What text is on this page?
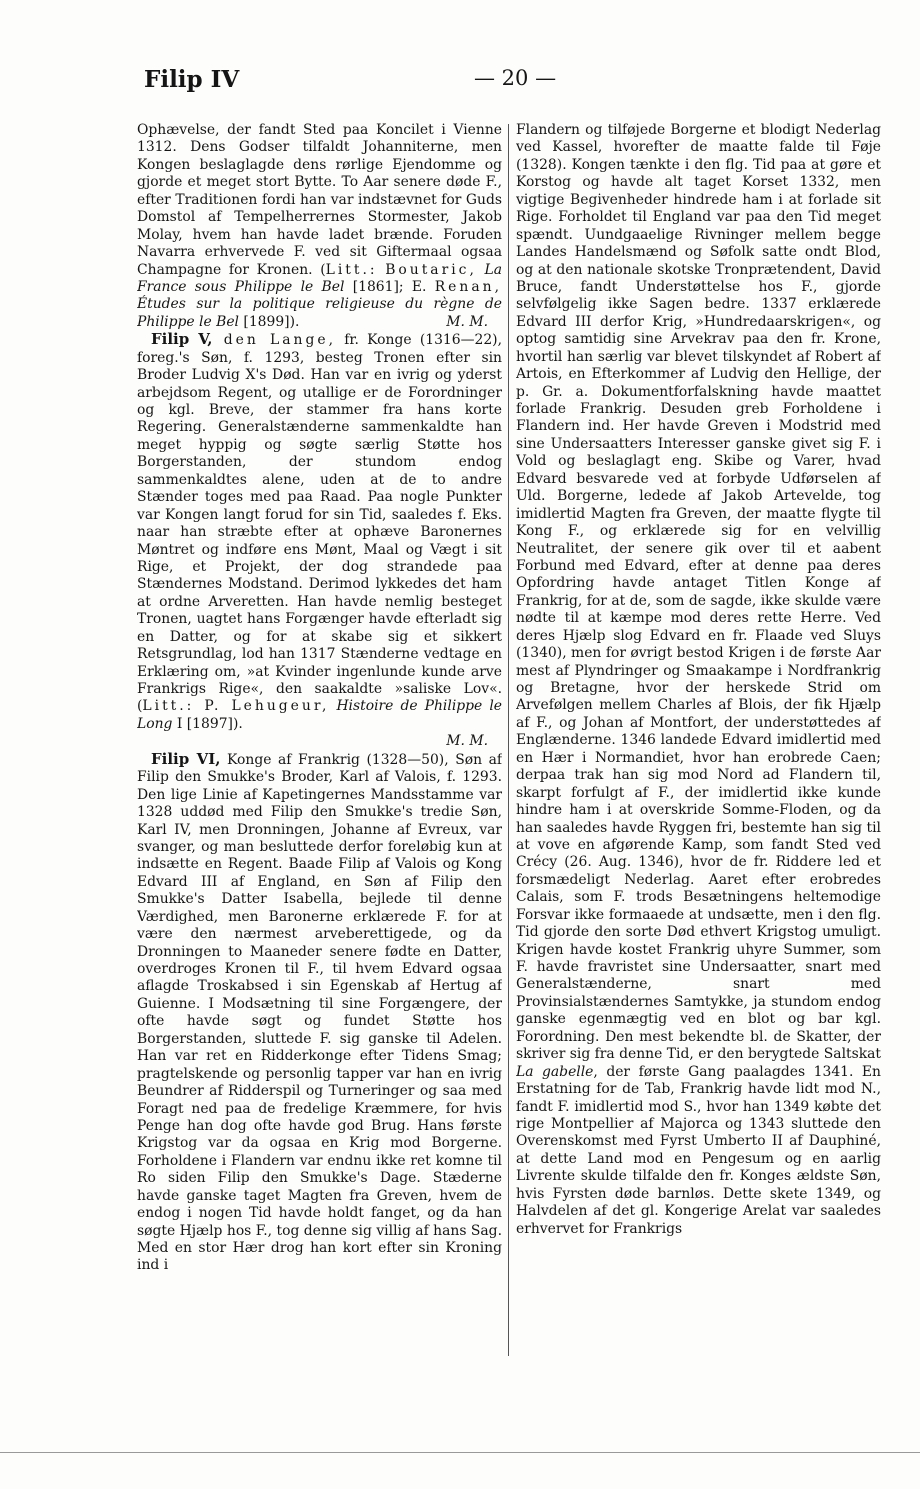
Filip IV	— 20 —

Ophævelse, der fandt Sted paa Koncilet i Vienne 1312. Dens Godser tilfaldt Johanniterne, men Kongen beslaglagde dens rørlige Ejendomme og gjorde et meget stort Bytte. To Aar senere døde F., efter Traditionen fordi han var indstævnet for Guds Domstol af Tempelherrernes Stormester, Jakob Molay, hvem han havde ladet brænde. Foruden Navarra erhvervede F. ved sit Giftermaal ogsaa Champagne for Kronen. (Litt.: Boutaric, La France sous Philippe le Bel [1861]; E. Renan, Études sur la politique religieuse du règne de Philippe le Bel [1899]).	M. M.

Filip V, den Lange, fr. Konge (1316—22), foreg.'s Søn, f. 1293, besteg Tronen efter sin Broder Ludvig X's Død. Han var en ivrig og yderst arbejdsom Regent, og utallige er de Forordninger og kgl. Breve, der stammer fra hans korte Regering. Generalstænderne sammenkaldte han meget hyppig og søgte særlig Støtte hos Borgerstanden, der stundom endog sammenkaldtes alene, uden at de to andre Stænder toges med paa Raad. Paa nogle Punkter var Kongen langt forud for sin Tid, saaledes f. Eks. naar han stræbte efter at ophæve Baronernes Møntret og indføre ens Mønt, Maal og Vægt i sit Rige, et Projekt, der dog strandede paa Stændernes Modstand. Derimod lykkedes det ham at ordne Arveretten. Han havde nemlig besteget Tronen, uagtet hans Forgænger havde efterladt sig en Datter, og for at skabe sig et sikkert Retsgrundlag, lod han 1317 Stænderne vedtage en Erklæring om, »at Kvinder ingenlunde kunde arve Frankrigs Rige«, den saakaldte »saliske Lov«. (Litt.: P. Lehugeur, Histoire de Philippe le Long I [1897]).

M. M.

Filip VI, Konge af Frankrig (1328—50), Søn af Filip den Smukke's Broder, Karl af Valois, f. 1293. Den lige Linie af Kapetingernes Mandsstamme var 1328 uddød med Filip den Smukke's tredie Søn, Karl IV, men Dronningen, Johanne af Evreux, var svanger, og man besluttede derfor foreløbig kun at indsætte en Regent. Baade Filip af Valois og Kong Edvard III af England, en Søn af Filip den Smukke's Datter Isabella, bejlede til denne Værdighed, men Baronerne erklærede F. for at være den nærmest arveberettigede, og da Dronningen to Maaneder senere fødte en Datter, overdroges Kronen til F., til hvem Edvard ogsaa aflagde Troskabsed i sin Egenskab af Hertug af Guienne. I Modsætning til sine Forgængere, der ofte havde søgt og fundet Støtte hos Borgerstanden, sluttede F. sig ganske til Adelen. Han var ret en Ridderkonge efter Tidens Smag; pragtelskende og personlig tapper var han en ivrig Beundrer af Ridderspil og Turneringer og saa med Foragt ned paa de fredelige Kræmmere, for hvis Penge han dog ofte havde god Brug. Hans første Krigstog var da ogsaa en Krig mod Borgerne. Forholdene i Flandern var endnu ikke ret komne til Ro siden Filip den Smukke's Dage. Stæderne havde ganske taget Magten fra Greven, hvem de endog i nogen Tid havde holdt fanget, og da han søgte Hjælp hos F., tog denne sig villig af hans Sag. Med en stor Hær drog han kort efter sin Kroning ind i

Flandern og tilføjede Borgerne et blodigt Nederlag ved Kassel, hvorefter de maatte falde til Føje (1328). Kongen tænkte i den flg. Tid paa at gøre et Korstog og havde alt taget Korset 1332, men vigtige Begivenheder hindrede ham i at forlade sit Rige. Forholdet til England var paa den Tid meget spændt. Uundgaaelige Rivninger mellem begge Landes Handelsmænd og Søfolk satte ondt Blod, og at den nationale skotske Tronprætendent, David Bruce, fandt Understøttelse hos F., gjorde selvfølgelig ikke Sagen bedre. 1337 erklærede Edvard III derfor Krig, »Hundredaarskrigen«, og optog samtidig sine Arvekrav paa den fr. Krone, hvortil han særlig var blevet tilskyndet af Robert af Artois, en Efterkommer af Ludvig den Hellige, der p. Gr. a. Dokumentforfalskning havde maattet forlade Frankrig. Desuden greb Forholdene i Flandern ind. Her havde Greven i Modstrid med sine Undersaatters Interesser ganske givet sig F. i Vold og beslaglagt eng. Skibe og Varer, hvad Edvard besvarede ved at forbyde Udførselen af Uld. Borgerne, ledede af Jakob Artevelde, tog imidlertid Magten fra Greven, der maatte flygte til Kong F., og erklærede sig for en velvillig Neutralitet, der senere gik over til et aabent Forbund med Edvard, efter at denne paa deres Opfordring havde antaget Titlen Konge af Frankrig, for at de, som de sagde, ikke skulde være nødte til at kæmpe mod deres rette Herre. Ved deres Hjælp slog Edvard en fr. Flaade ved Sluys (1340), men for øvrigt bestod Krigen i de første Aar mest af Plyndringer og Smaakampe i Nordfrankrig og Bretagne, hvor der herskede Strid om Arvefølgen mellem Charles af Blois, der fik Hjælp af F., og Johan af Montfort, der understøttedes af Englænderne. 1346 landede Edvard imidlertid med en Hær i Normandiet, hvor han erobrede Caen; derpaa trak han sig mod Nord ad Flandern til, skarpt forfulgt af F., der imidlertid ikke kunde hindre ham i at overskride Somme-Floden, og da han saaledes havde Ryggen fri, bestemte han sig til at vove en afgørende Kamp, som fandt Sted ved Crécy (26. Aug. 1346), hvor de fr. Riddere led et forsmædeligt Nederlag. Aaret efter erobredes Calais, som F. trods Besætningens heltemodige Forsvar ikke formaaede at undsætte, men i den flg. Tid gjorde den sorte Død ethvert Krigstog umuligt. Krigen havde kostet Frankrig uhyre Summer, som F. havde fravristet sine Undersaatter, snart med Generalstænderne, snart med Provinsialstændernes Samtykke, ja stundom endog ganske egenmægtig ved en blot og bar kgl. Forordning. Den mest bekendte bl. de Skatter, der skriver sig fra denne Tid, er den berygtede Saltskat La gabelle, der første Gang paalagdes 1341. En Erstatning for de Tab, Frankrig havde lidt mod N., fandt F. imidlertid mod S., hvor han 1349 købte det rige Montpellier af Majorca og 1343 sluttede den Overenskomst med Fyrst Umberto II af Dauphiné, at dette Land mod en Pengesum og en aarlig Livrente skulde tilfalde den fr. Konges ældste Søn, hvis Fyrsten døde barnløs. Dette skete 1349, og Halvdelen af det gl. Kongerige Arelat var saaledes erhvervet for Frankrigs
